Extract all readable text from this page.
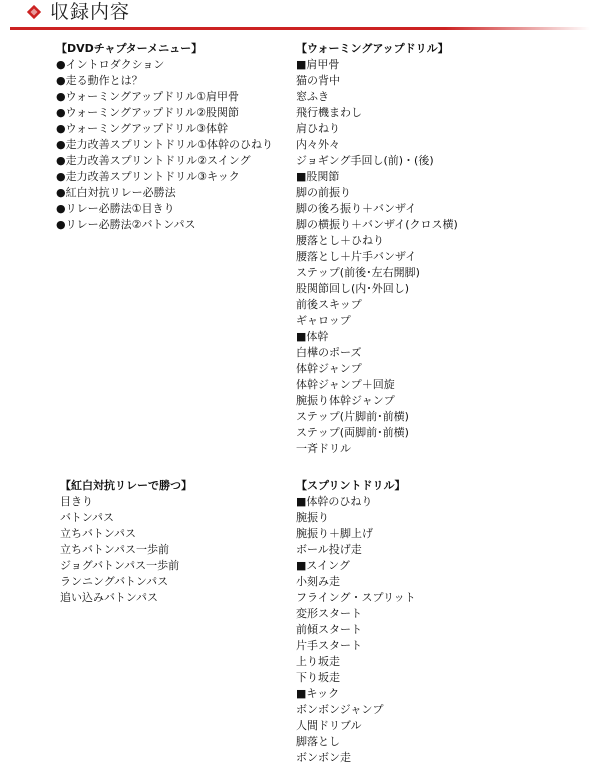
収録内容
【DVDチャプターメニュー】
●イントロダクション
●走る動作とは？
●ウォーミングアップドリル①肩甲骨
●ウォーミングアップドリル②股関節
●ウォーミングアップドリル③体幹
●走力改善スプリントドリル①体幹のひねり
●走力改善スプリントドリル②スイング
●走力改善スプリントドリル③キック
●紅白対抗リレー必勝法
●リレー必勝法①目きり
●リレー必勝法②バトンパス
【ウォーミングアップドリル】
■肩甲骨
猫の背中
窓ふき
飛行機まわし
肩ひねり
内々外々
ジョギング手回し(前)・(後)
■股関節
脚の前振り
脚の後ろ振り＋バンザイ
脚の横振り＋バンザイ(クロス横)
腰落とし＋ひねり
腰落とし＋片手バンザイ
ステップ(前後･左右開脚)
股関節回し(内･外回し)
前後スキップ
ギャロップ
■体幹
白樺のポーズ
体幹ジャンプ
体幹ジャンプ＋回旋
腕振り体幹ジャンプ
ステップ(片脚前･前横)
ステップ(両脚前･前横)
一斉ドリル
【紅白対抗リレーで勝つ】
目きり
バトンパス
立ちバトンパス
立ちバトンパス一歩前
ジョグバトンパス一歩前
ランニングバトンパス
追い込みバトンパス
【スプリントドリル】
■体幹のひねり
腕振り
腕振り＋脚上げ
ボール投げ走
■スイング
小刻み走
フライング・スプリット
変形スタート
前傾スタート
片手スタート
上り坂走
下り坂走
■キック
ボンボンジャンプ
人間ドリブル
脚落とし
ボンボン走
